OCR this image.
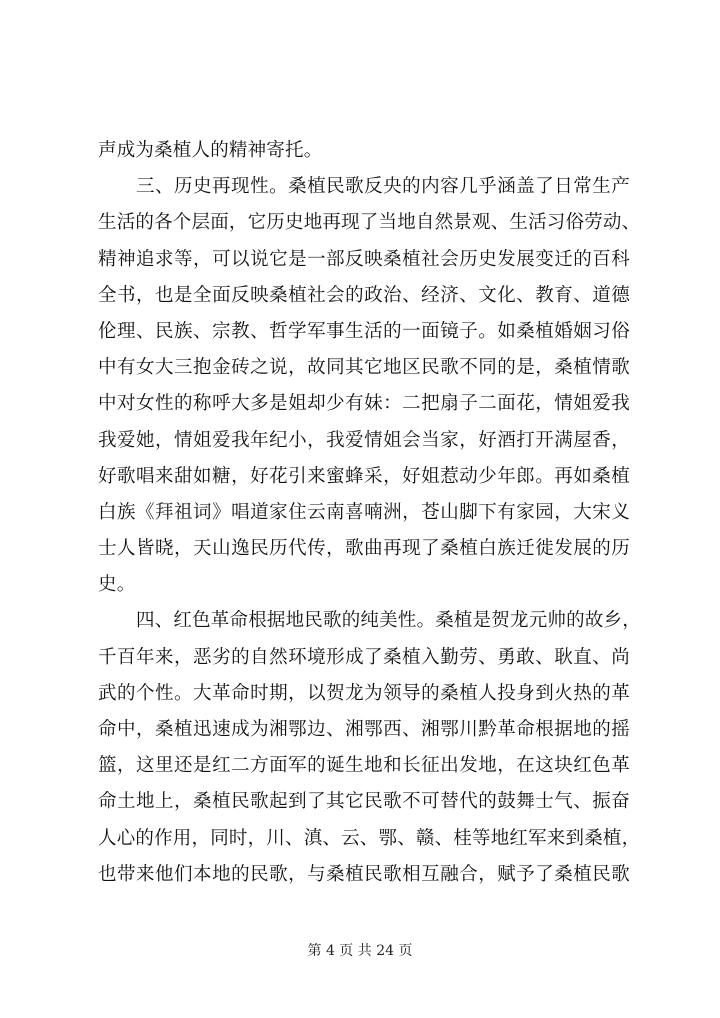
声成为桑植人的精神寄托。
三、历史再现性。桑植民歌反央的内容几乎涵盖了日常生产
生活的各个层面，它历史地再现了当地自然景观、生活习俗劳动、
精神追求等，可以说它是一部反映桑植社会历史发展变迁的百科
全书，也是全面反映桑植社会的政治、经济、文化、教育、道德
伦理、民族、宗教、哲学军事生活的一面镜子。如桑植婚姻习俗
中有女大三抱金砖之说，故同其它地区民歌不同的是，桑植情歌
中对女性的称呼大多是姐却少有妹：二把扇子二面花，情姐爱我
我爱她，情姐爱我年纪小，我爱情姐会当家，好酒打开满屋香，
好歌唱来甜如糖，好花引来蜜蜂采，好姐惹动少年郎。再如桑植
白族《拜祖词》唱道家住云南喜喃洲，苍山脚下有家园，大宋义
士人皆晓，天山逸民历代传，歌曲再现了桑植白族迁徙发展的历
史。
四、红色革命根据地民歌的纯美性。桑植是贺龙元帅的故乡，
千百年来，恶劣的自然环境形成了桑植入勤劳、勇敢、耿直、尚
武的个性。大革命时期，以贺龙为领导的桑植人投身到火热的革
命中，桑植迅速成为湘鄂边、湘鄂西、湘鄂川黔革命根据地的摇
篮，这里还是红二方面军的诞生地和长征出发地，在这块红色革
命土地上，桑植民歌起到了其它民歌不可替代的鼓舞士气、振奋
人心的作用，同时，川、滇、云、鄂、赣、桂等地红军来到桑植，
也带来他们本地的民歌，与桑植民歌相互融合，赋予了桑植民歌
第 4 页 共 24 页
